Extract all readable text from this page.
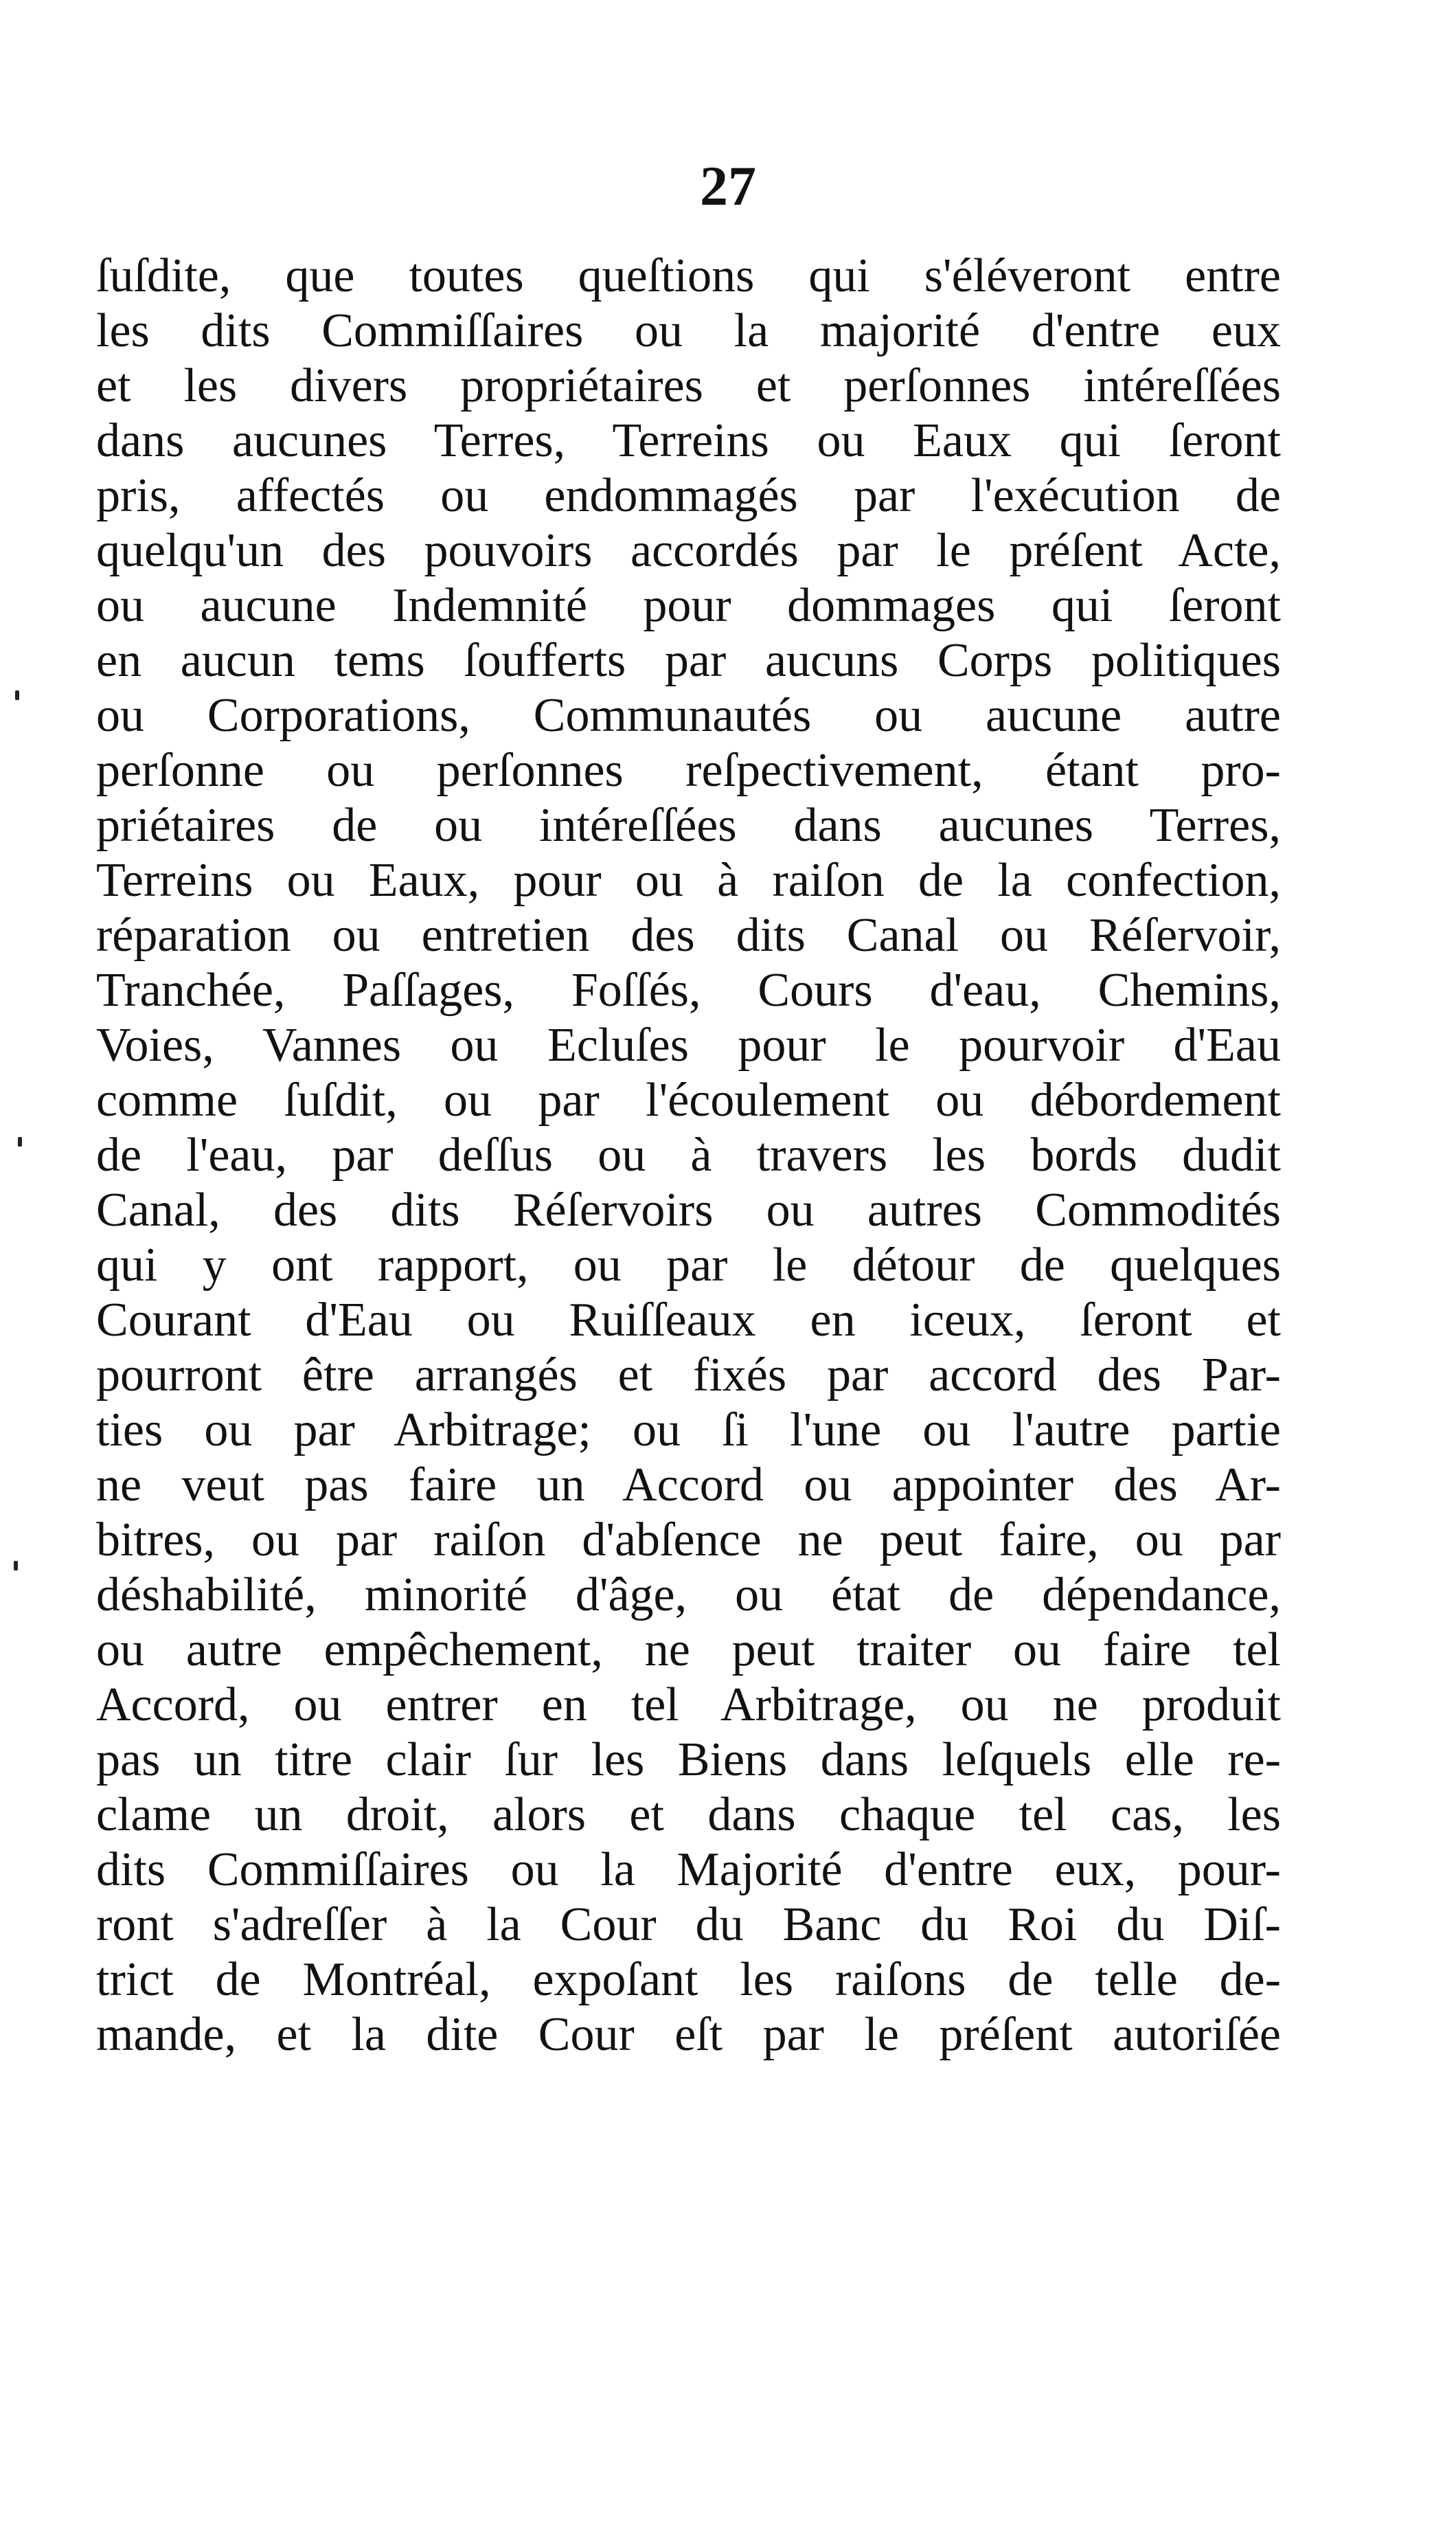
27
ſuſdite, que toutes queſtions qui s'éléveront entre
les dits Commiſſaires ou la majorité d'entre eux
et les divers propriétaires et perſonnes intéreſſées
dans aucunes Terres, Terreins ou Eaux qui ſeront
pris, affectés ou endommagés par l'exécution de
quelqu'un des pouvoirs accordés par le préſent Acte,
ou aucune Indemnité pour dommages qui ſeront
en aucun tems ſoufferts par aucuns Corps politiques
ou Corporations, Communautés ou aucune autre
perſonne ou perſonnes reſpectivement, étant pro-
priétaires de ou intéreſſées dans aucunes Terres,
Terreins ou Eaux, pour ou à raiſon de la confection,
réparation ou entretien des dits Canal ou Réſervoir,
Tranchée, Paſſages, Foſſés, Cours d'eau, Chemins,
Voies, Vannes ou Ecluſes pour le pourvoir d'Eau
comme ſuſdit, ou par l'écoulement ou débordement
de l'eau, par deſſus ou à travers les bords dudit
Canal, des dits Réſervoirs ou autres Commodités
qui y ont rapport, ou par le détour de quelques
Courant d'Eau ou Ruiſſeaux en iceux, ſeront et
pourront être arrangés et fixés par accord des Par-
ties ou par Arbitrage; ou ſi l'une ou l'autre partie
ne veut pas faire un Accord ou appointer des Ar-
bitres, ou par raiſon d'abſence ne peut faire, ou par
déshabilité, minorité d'âge, ou état de dépendance,
ou autre empêchement, ne peut traiter ou faire tel
Accord, ou entrer en tel Arbitrage, ou ne produit
pas un titre clair ſur les Biens dans leſquels elle re-
clame un droit, alors et dans chaque tel cas, les
dits Commiſſaires ou la Majorité d'entre eux, pour-
ront s'adreſſer à la Cour du Banc du Roi du Diſ-
trict de Montréal, expoſant les raiſons de telle de-
mande, et la dite Cour eſt par le préſent autoriſée
